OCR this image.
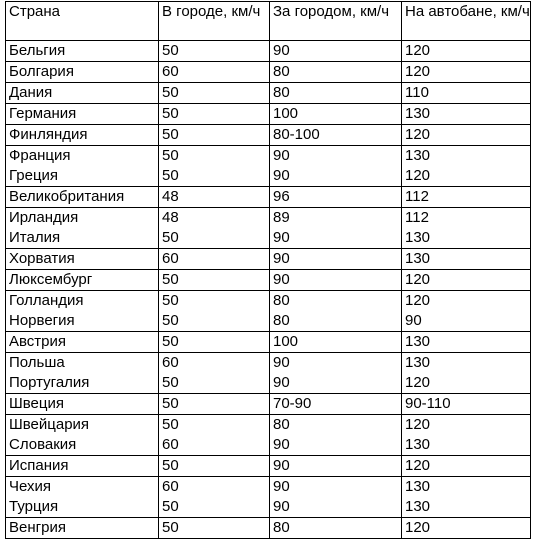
Страна	В городе, км/ч	За городом, км/ч	На автобане, км/ч
Бельгия	50	90	120
Болгария	60	80	120
Дания	50	80	110
Германия	50	100	130
Финляндия	50	80-100	120
Франция	50	90	130
Греция	50	90	120
Великобритания	48	96	112
Ирландия	48	89	112
Италия	50	90	130
Хорватия	60	90	130
Люксембург	50	90	120
Голландия	50	80	120
Норвегия	50	80	90
Австрия	50	100	130
Польша	60	90	130
Португалия	50	90	120
Швеция	50	70-90	90-110
Швейцария	50	80	120
Словакия	60	90	130
Испания	50	90	120
Чехия	60	90	130
Турция	50	90	130
Венгрия	50	80	120
